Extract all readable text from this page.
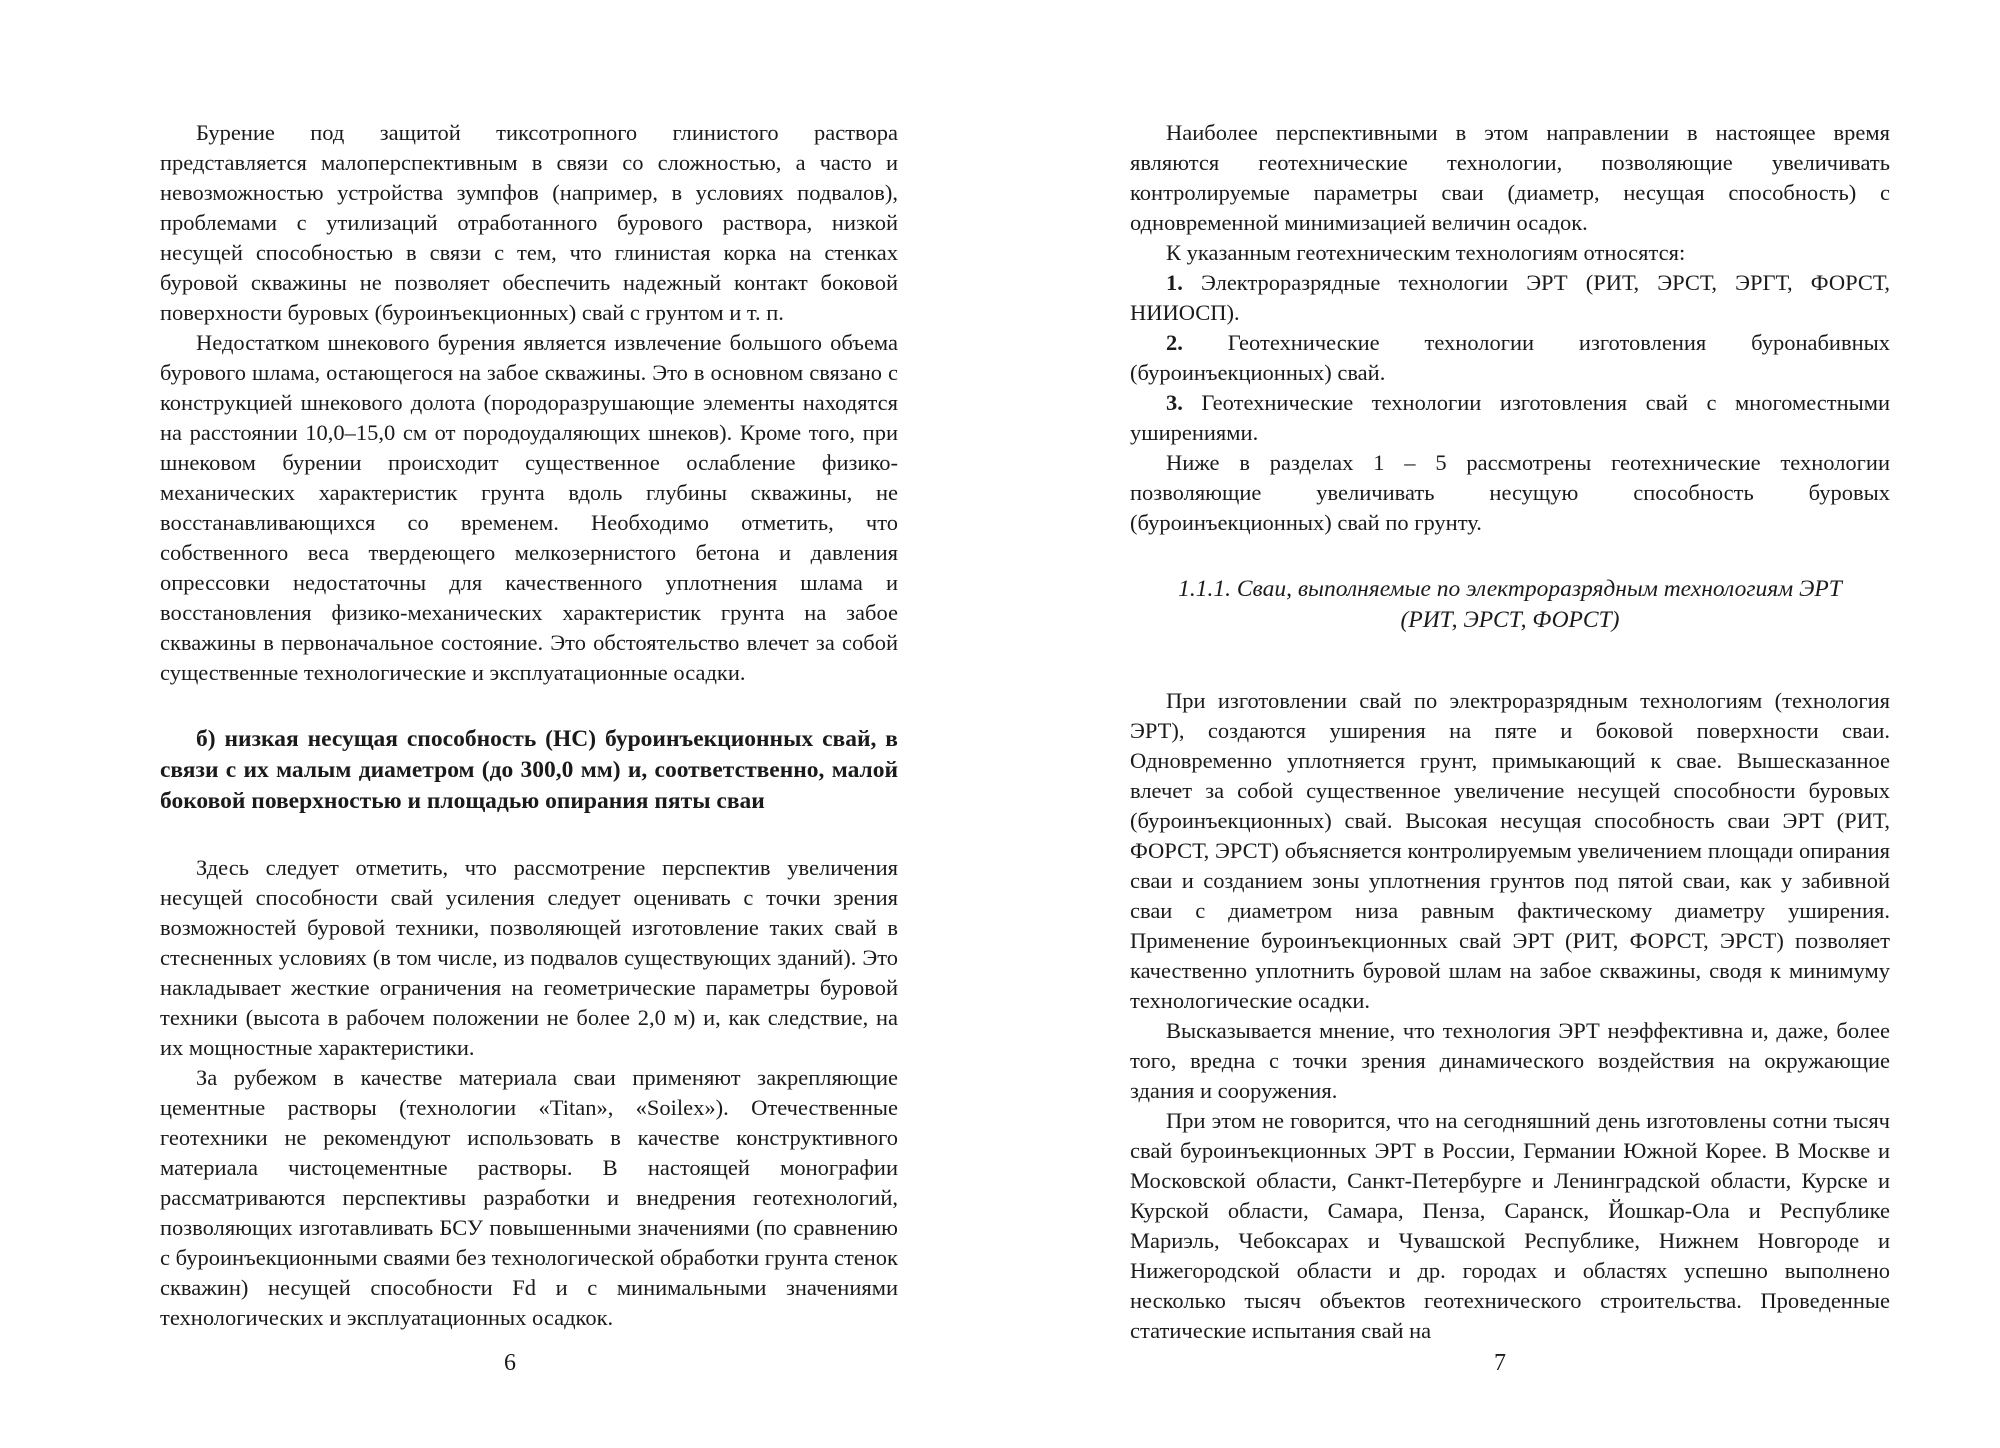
Бурение под защитой тиксотропного глинистого раствора представляется малоперспективным в связи со сложностью, а часто и невозможностью устройства зумпфов (например, в условиях подвалов), проблемами с утилизаций отработанного бурового раствора, низкой несущей способностью в связи с тем, что глинистая корка на стенках буровой скважины не позволяет обеспечить надежный контакт боковой поверхности буровых (буроинъекционных) свай с грунтом и т. п.

Недостатком шнекового бурения является извлечение большого объема бурового шлама, остающегося на забое скважины. Это в основном связано с конструкцией шнекового долота (породоразрушающие элементы находятся на расстоянии 10,0–15,0 см от породоудаляющих шнеков). Кроме того, при шнековом бурении происходит существенное ослабление физико-механических характеристик грунта вдоль глубины скважины, не восстанавливающихся со временем. Необходимо отметить, что собственного веса твердеющего мелкозернистого бетона и давления опрессовки недостаточны для качественного уплотнения шлама и восстановления физико-механических характеристик грунта на забое скважины в первоначальное состояние. Это обстоятельство влечет за собой существенные технологические и эксплуатационные осадки.

б) низкая несущая способность (НС) буроинъекционных свай, в связи с их малым диаметром (до 300,0 мм) и, соответственно, малой боковой поверхностью и площадью опирания пяты сваи

Здесь следует отметить, что рассмотрение перспектив увеличения несущей способности свай усиления следует оценивать с точки зрения возможностей буровой техники, позволяющей изготовление таких свай в стесненных условиях (в том числе, из подвалов существующих зданий). Это накладывает жесткие ограничения на геометрические параметры буровой техники (высота в рабочем положении не более 2,0 м) и, как следствие, на их мощностные характеристики.

За рубежом в качестве материала сваи применяют закрепляющие цементные растворы (технологии «Titan», «Soilex»). Отечественные геотехники не рекомендуют использовать в качестве конструктивного материала чистоцементные растворы. В настоящей монографии рассматриваются перспективы разработки и внедрения геотехнологий, позволяющих изготавливать БСУ повышенными значениями (по сравнению с буроинъекционными сваями без технологической обработки грунта стенок скважин) несущей способности Fd и с минимальными значениями технологических и эксплуатационных осадкок.

6

Наиболее перспективными в этом направлении в настоящее время являются геотехнические технологии, позволяющие увеличивать контролируемые параметры сваи (диаметр, несущая способность) с одновременной минимизацией величин осадок.

К указанным геотехническим технологиям относятся:

1. Электроразрядные технологии ЭРТ (РИТ, ЭРСТ, ЭРГТ, ФОРСТ, НИИОСП).

2. Геотехнические технологии изготовления буронабивных (буроинъекционных) свай.

3. Геотехнические технологии изготовления свай с многоместными уширениями.

Ниже в разделах 1 – 5 рассмотрены геотехнические технологии позволяющие увеличивать несущую способность буровых (буроинъекционных) свай по грунту.

1.1.1. Сваи, выполняемые по электроразрядным технологиям ЭРТ
(РИТ, ЭРСТ, ФОРСТ)

При изготовлении свай по электроразрядным технологиям (технология ЭРТ), создаются уширения на пяте и боковой поверхности сваи. Одновременно уплотняется грунт, примыкающий к свае. Вышесказанное влечет за собой существенное увеличение несущей способности буровых (буроинъекционных) свай. Высокая несущая способность сваи ЭРТ (РИТ, ФОРСТ, ЭРСТ) объясняется контролируемым увеличением площади опирания сваи и созданием зоны уплотнения грунтов под пятой сваи, как у забивной сваи с диаметром низа равным фактическому диаметру уширения. Применение буроинъекционных свай ЭРТ (РИТ, ФОРСТ, ЭРСТ) позволяет качественно уплотнить буровой шлам на забое скважины, сводя к минимуму технологические осадки.

Высказывается мнение, что технология ЭРТ неэффективна и, даже, более того, вредна с точки зрения динамического воздействия на окружающие здания и сооружения.

При этом не говорится, что на сегодняшний день изготовлены сотни тысяч свай буроинъекционных ЭРТ в России, Германии Южной Корее. В Москве и Московской области, Санкт-Петербурге и Ленинградской области, Курске и Курской области, Самара, Пенза, Саранск, Йошкар-Ола и Республике Мариэль, Чебоксарах и Чувашской Республике, Нижнем Новгороде и Нижегородской области и др. городах и областях успешно выполнено несколько тысяч объектов геотехнического строительства. Проведенные статические испытания свай на

7
